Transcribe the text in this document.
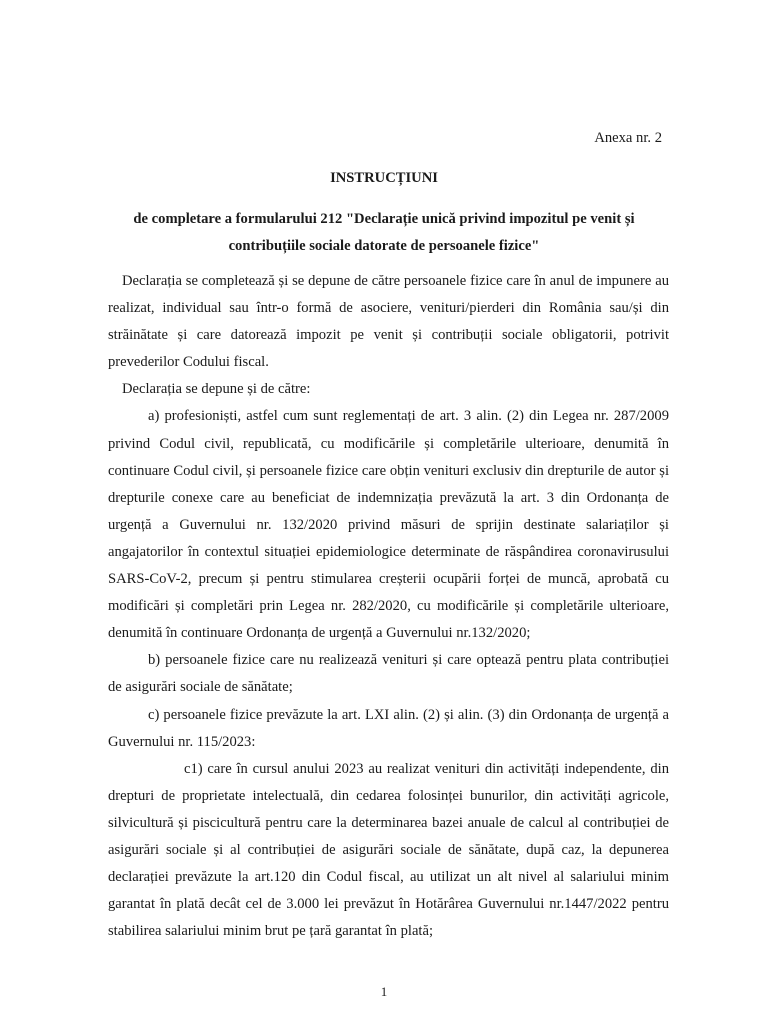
Anexa nr. 2
INSTRUCȚIUNI
de completare a formularului 212 "Declarație unică privind impozitul pe venit și contribuțiile sociale datorate de persoanele fizice"

Declarația se completează și se depune de către persoanele fizice care în anul de impunere au realizat, individual sau într-o formă de asociere, venituri/pierderi din România sau/și din străinătate și care datorează impozit pe venit și contribuții sociale obligatorii, potrivit prevederilor Codului fiscal.

Declarația se depune și de către:

a) profesioniști, astfel cum sunt reglementați de art. 3 alin. (2) din Legea nr. 287/2009 privind Codul civil, republicată, cu modificările și completările ulterioare, denumită în continuare Codul civil, și persoanele fizice care obțin venituri exclusiv din drepturile de autor și drepturile conexe care au beneficiat de indemnizația prevăzută la art. 3 din Ordonanța de urgență a Guvernului nr. 132/2020 privind măsuri de sprijin destinate salariaților și angajatorilor în contextul situației epidemiologice determinate de răspândirea coronavirusului SARS-CoV-2, precum și pentru stimularea creșterii ocupării forței de muncă, aprobată cu modificări și completări prin Legea nr. 282/2020, cu modificările și completările ulterioare, denumită în continuare Ordonanța de urgență a Guvernului nr.132/2020;

b) persoanele fizice care nu realizează venituri și care optează pentru plata contribuției de asigurări sociale de sănătate;

c) persoanele fizice prevăzute la art. LXI alin. (2) și alin. (3) din Ordonanța de urgență a Guvernului nr. 115/2023:

c1) care în cursul anului 2023 au realizat venituri din activități independente, din drepturi de proprietate intelectuală, din cedarea folosinței bunurilor, din activități agricole, silvicultură și piscicultură pentru care la determinarea bazei anuale de calcul al contribuției de asigurări sociale și al contribuției de asigurări sociale de sănătate, după caz, la depunerea declarației prevăzute la art.120 din Codul fiscal, au utilizat un alt nivel al salariului minim garantat în plată decât cel de 3.000 lei prevăzut în Hotărârea Guvernului nr.1447/2022 pentru stabilirea salariului minim brut pe țară garantat în plată;

1
